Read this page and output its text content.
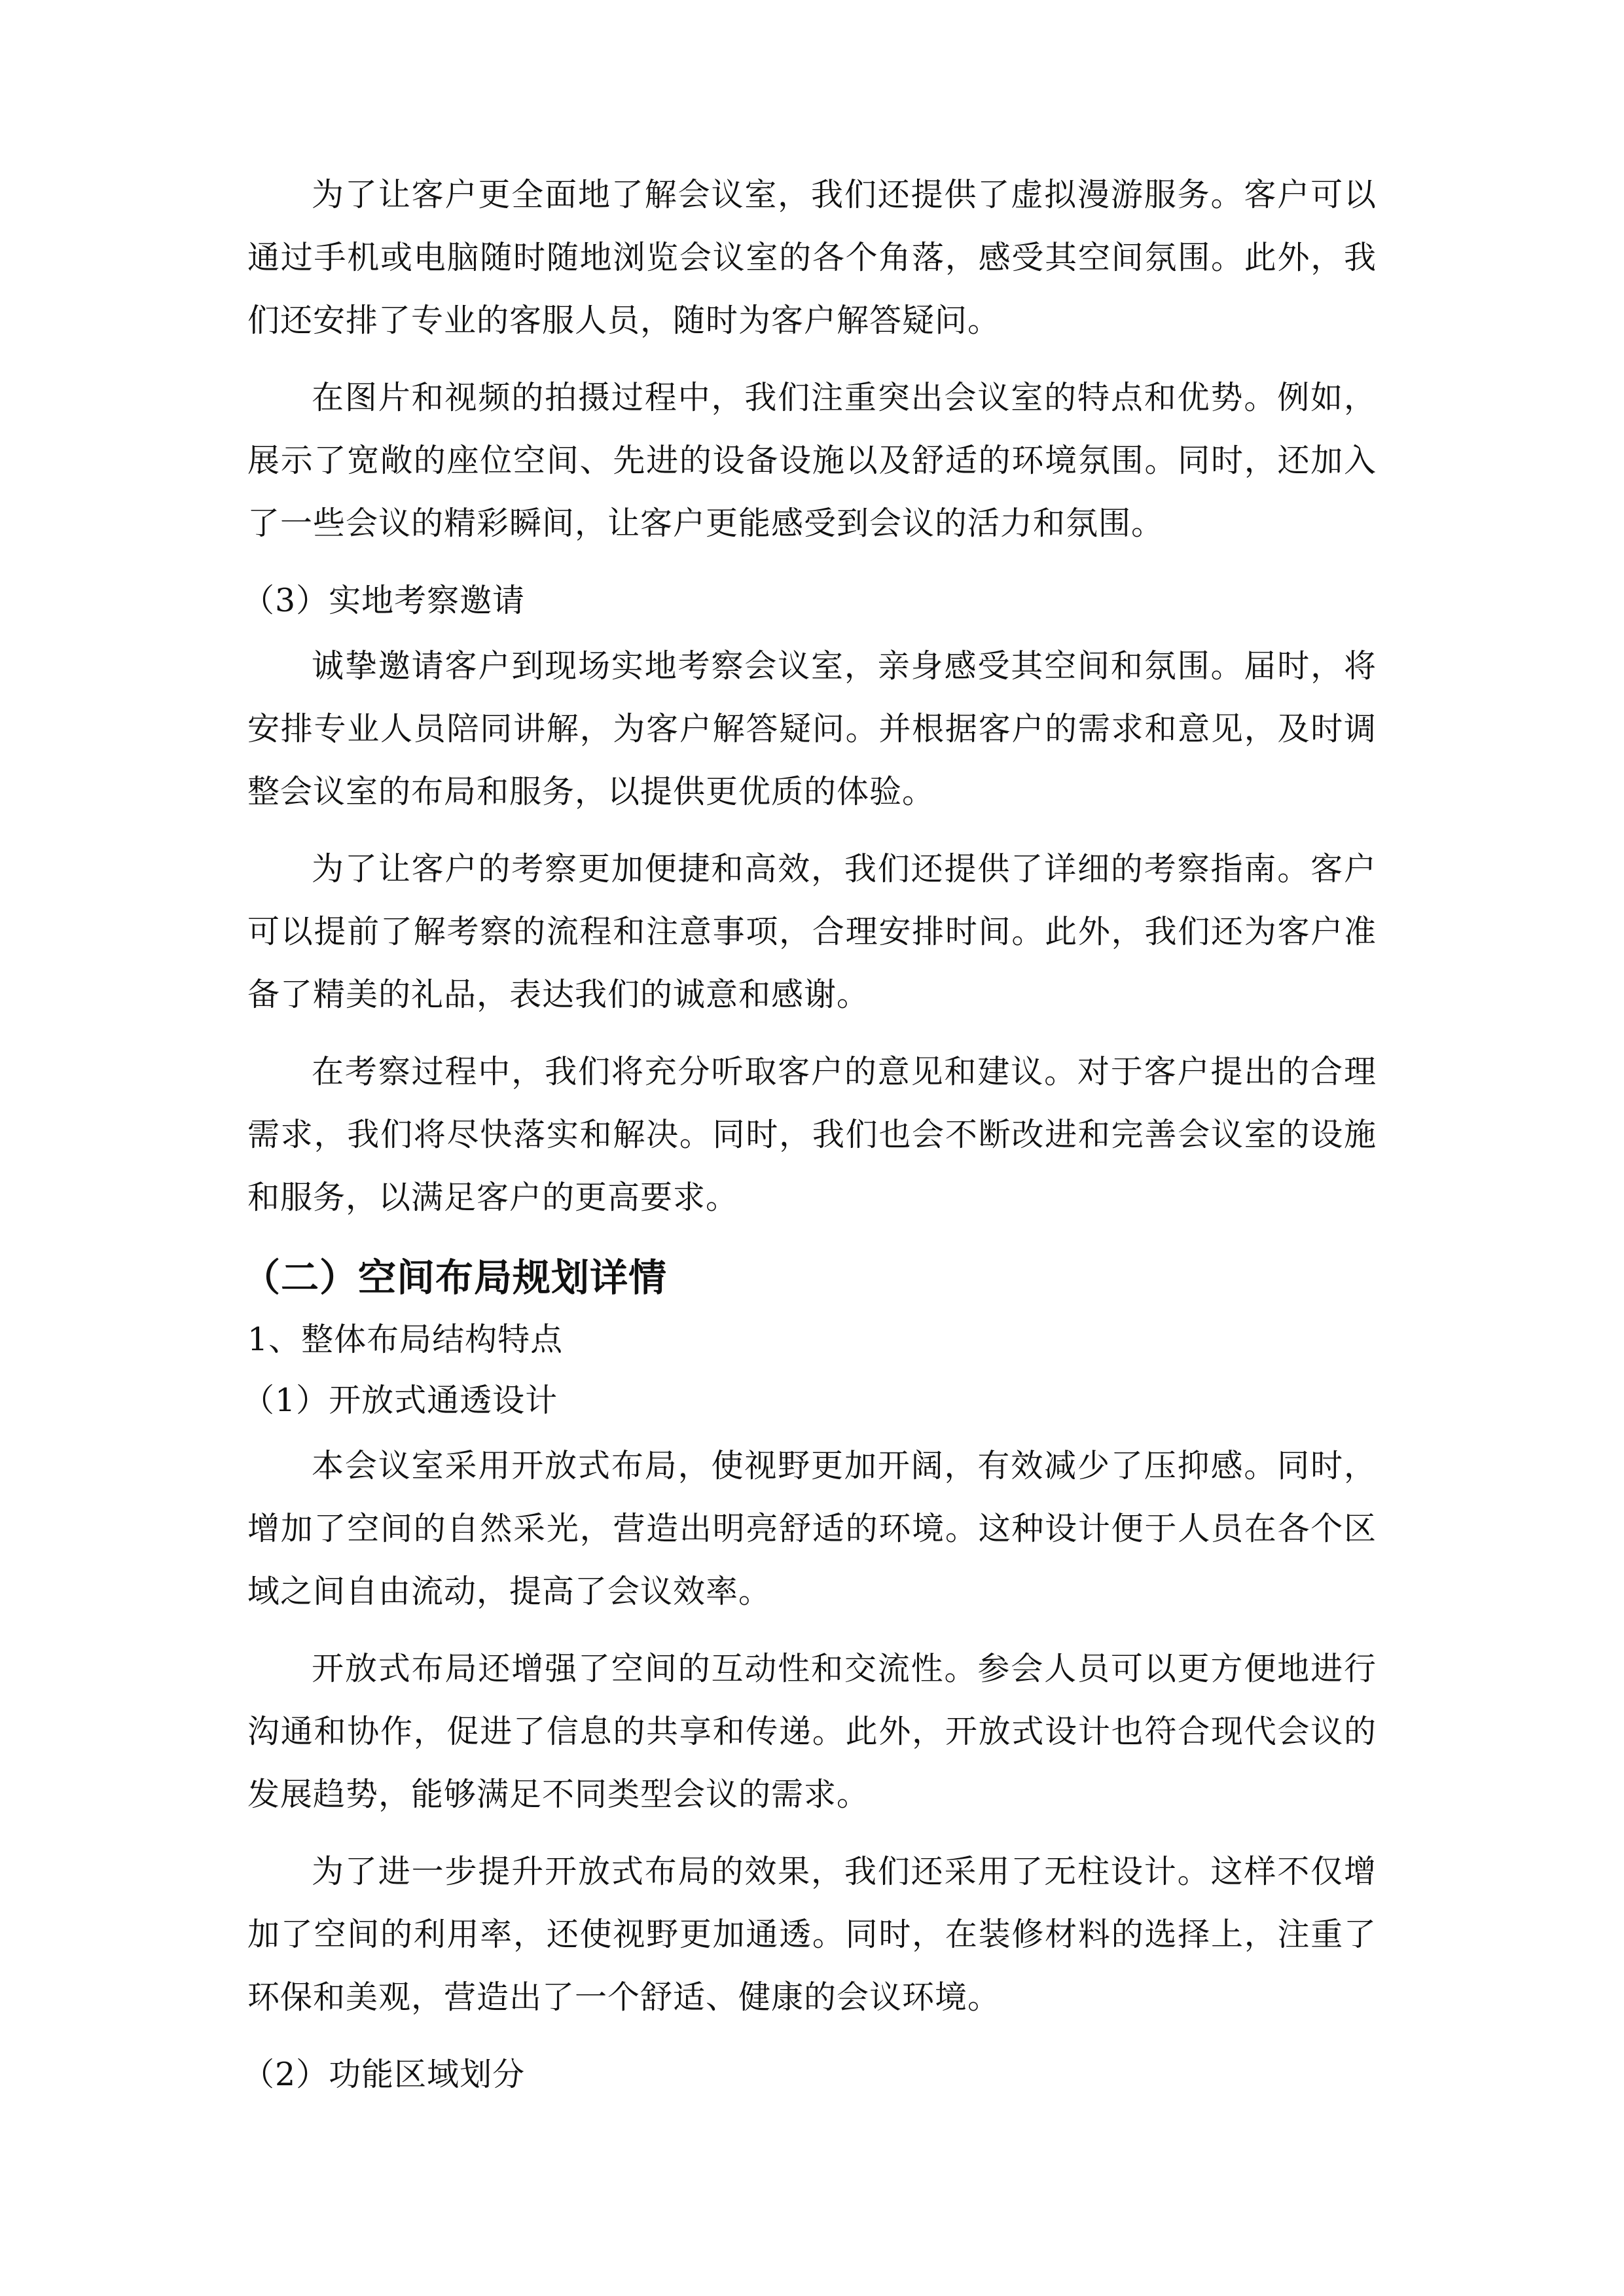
为了让客户更全面地了解会议室，我们还提供了虚拟漫游服务。客户可以通过手机或电脑随时随地浏览会议室的各个角落，感受其空间氛围。此外，我们还安排了专业的客服人员，随时为客户解答疑问。

在图片和视频的拍摄过程中，我们注重突出会议室的特点和优势。例如，展示了宽敞的座位空间、先进的设备设施以及舒适的环境氛围。同时，还加入了一些会议的精彩瞬间，让客户更能感受到会议的活力和氛围。

（3）实地考察邀请

诚挚邀请客户到现场实地考察会议室，亲身感受其空间和氛围。届时，将安排专业人员陪同讲解，为客户解答疑问。并根据客户的需求和意见，及时调整会议室的布局和服务，以提供更优质的体验。

为了让客户的考察更加便捷和高效，我们还提供了详细的考察指南。客户可以提前了解考察的流程和注意事项，合理安排时间。此外，我们还为客户准备了精美的礼品，表达我们的诚意和感谢。

在考察过程中，我们将充分听取客户的意见和建议。对于客户提出的合理需求，我们将尽快落实和解决。同时，我们也会不断改进和完善会议室的设施和服务，以满足客户的更高要求。

（二）空间布局规划详情

1、整体布局结构特点

（1）开放式通透设计

本会议室采用开放式布局，使视野更加开阔，有效减少了压抑感。同时，增加了空间的自然采光，营造出明亮舒适的环境。这种设计便于人员在各个区域之间自由流动，提高了会议效率。

开放式布局还增强了空间的互动性和交流性。参会人员可以更方便地进行沟通和协作，促进了信息的共享和传递。此外，开放式设计也符合现代会议的发展趋势，能够满足不同类型会议的需求。

为了进一步提升开放式布局的效果，我们还采用了无柱设计。这样不仅增加了空间的利用率，还使视野更加通透。同时，在装修材料的选择上，注重了环保和美观，营造出了一个舒适、健康的会议环境。

（2）功能区域划分
